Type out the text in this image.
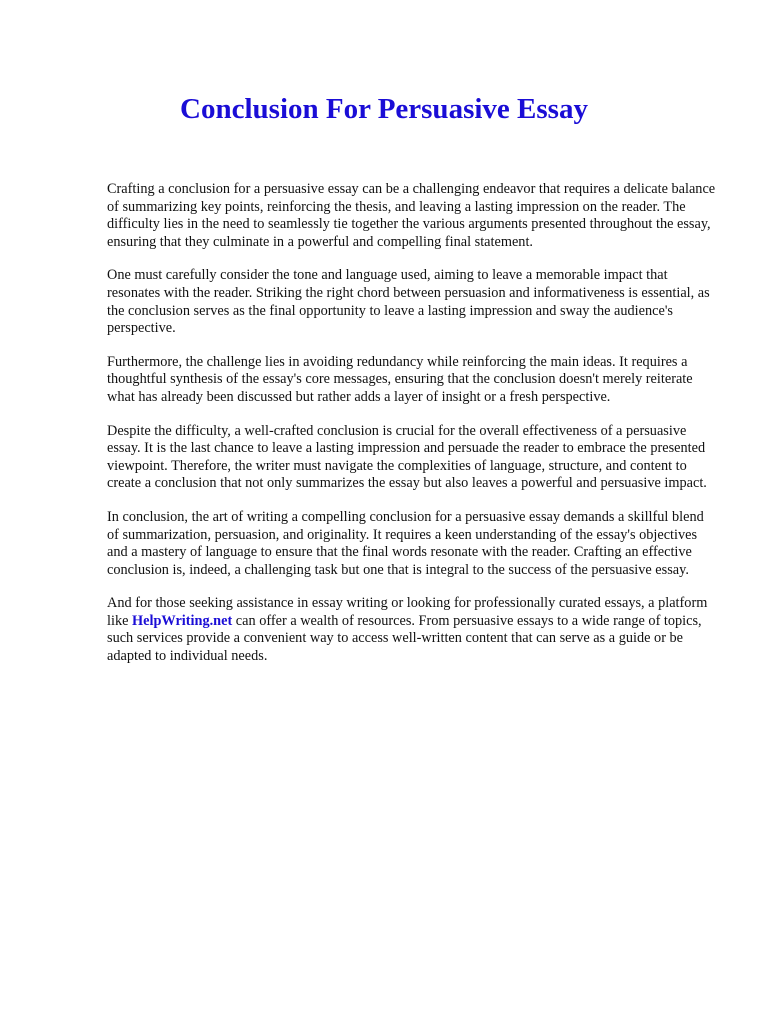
Conclusion For Persuasive Essay

Crafting a conclusion for a persuasive essay can be a challenging endeavor that requires a delicate balance of summarizing key points, reinforcing the thesis, and leaving a lasting impression on the reader. The difficulty lies in the need to seamlessly tie together the various arguments presented throughout the essay, ensuring that they culminate in a powerful and compelling final statement.

One must carefully consider the tone and language used, aiming to leave a memorable impact that resonates with the reader. Striking the right chord between persuasion and informativeness is essential, as the conclusion serves as the final opportunity to leave a lasting impression and sway the audience's perspective.

Furthermore, the challenge lies in avoiding redundancy while reinforcing the main ideas. It requires a thoughtful synthesis of the essay's core messages, ensuring that the conclusion doesn't merely reiterate what has already been discussed but rather adds a layer of insight or a fresh perspective.

Despite the difficulty, a well-crafted conclusion is crucial for the overall effectiveness of a persuasive essay. It is the last chance to leave a lasting impression and persuade the reader to embrace the presented viewpoint. Therefore, the writer must navigate the complexities of language, structure, and content to create a conclusion that not only summarizes the essay but also leaves a powerful and persuasive impact.

In conclusion, the art of writing a compelling conclusion for a persuasive essay demands a skillful blend of summarization, persuasion, and originality. It requires a keen understanding of the essay's objectives and a mastery of language to ensure that the final words resonate with the reader. Crafting an effective conclusion is, indeed, a challenging task but one that is integral to the success of the persuasive essay.

And for those seeking assistance in essay writing or looking for professionally curated essays, a platform like HelpWriting.net can offer a wealth of resources. From persuasive essays to a wide range of topics, such services provide a convenient way to access well-written content that can serve as a guide or be adapted to individual needs.
